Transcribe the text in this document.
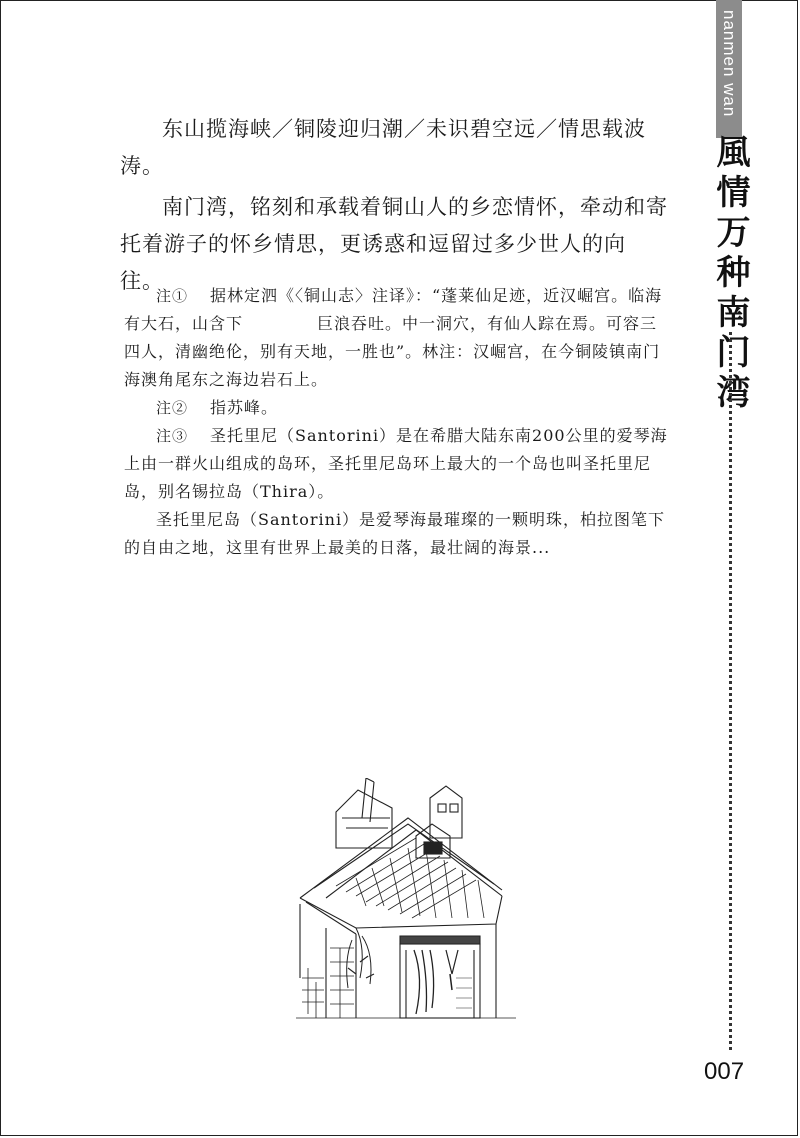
nanmen wan
風情万种南门湾

东山揽海峡／铜陵迎归潮／未识碧空远／情思载波涛。

南门湾，铭刻和承载着铜山人的乡恋情怀，牵动和寄托着游子的怀乡情思，更诱惑和逗留过多少世人的向往。

注① 据林定泗《〈铜山志〉注译》：“蓬莱仙足迹，近汉崛宫。临海有大石，山含下	巨浪吞吐。中一洞穴，有仙人踪在焉。可容三四人，清幽绝伦，别有天地，一胜也”。林注：汉崛宫，在今铜陵镇南门海澳角尾东之海边岩石上。

注② 指苏峰。

注③ 圣托里尼（Santorini）是在希腊大陆东南200公里的爱琴海上由一群火山组成的岛环，圣托里尼岛环上最大的一个岛也叫圣托里尼岛，别名锡拉岛（Thira）。

圣托里尼岛（Santorini）是爱琴海最璀璨的一颗明珠，柏拉图笔下的自由之地，这里有世界上最美的日落，最壮阔的海景...

007
